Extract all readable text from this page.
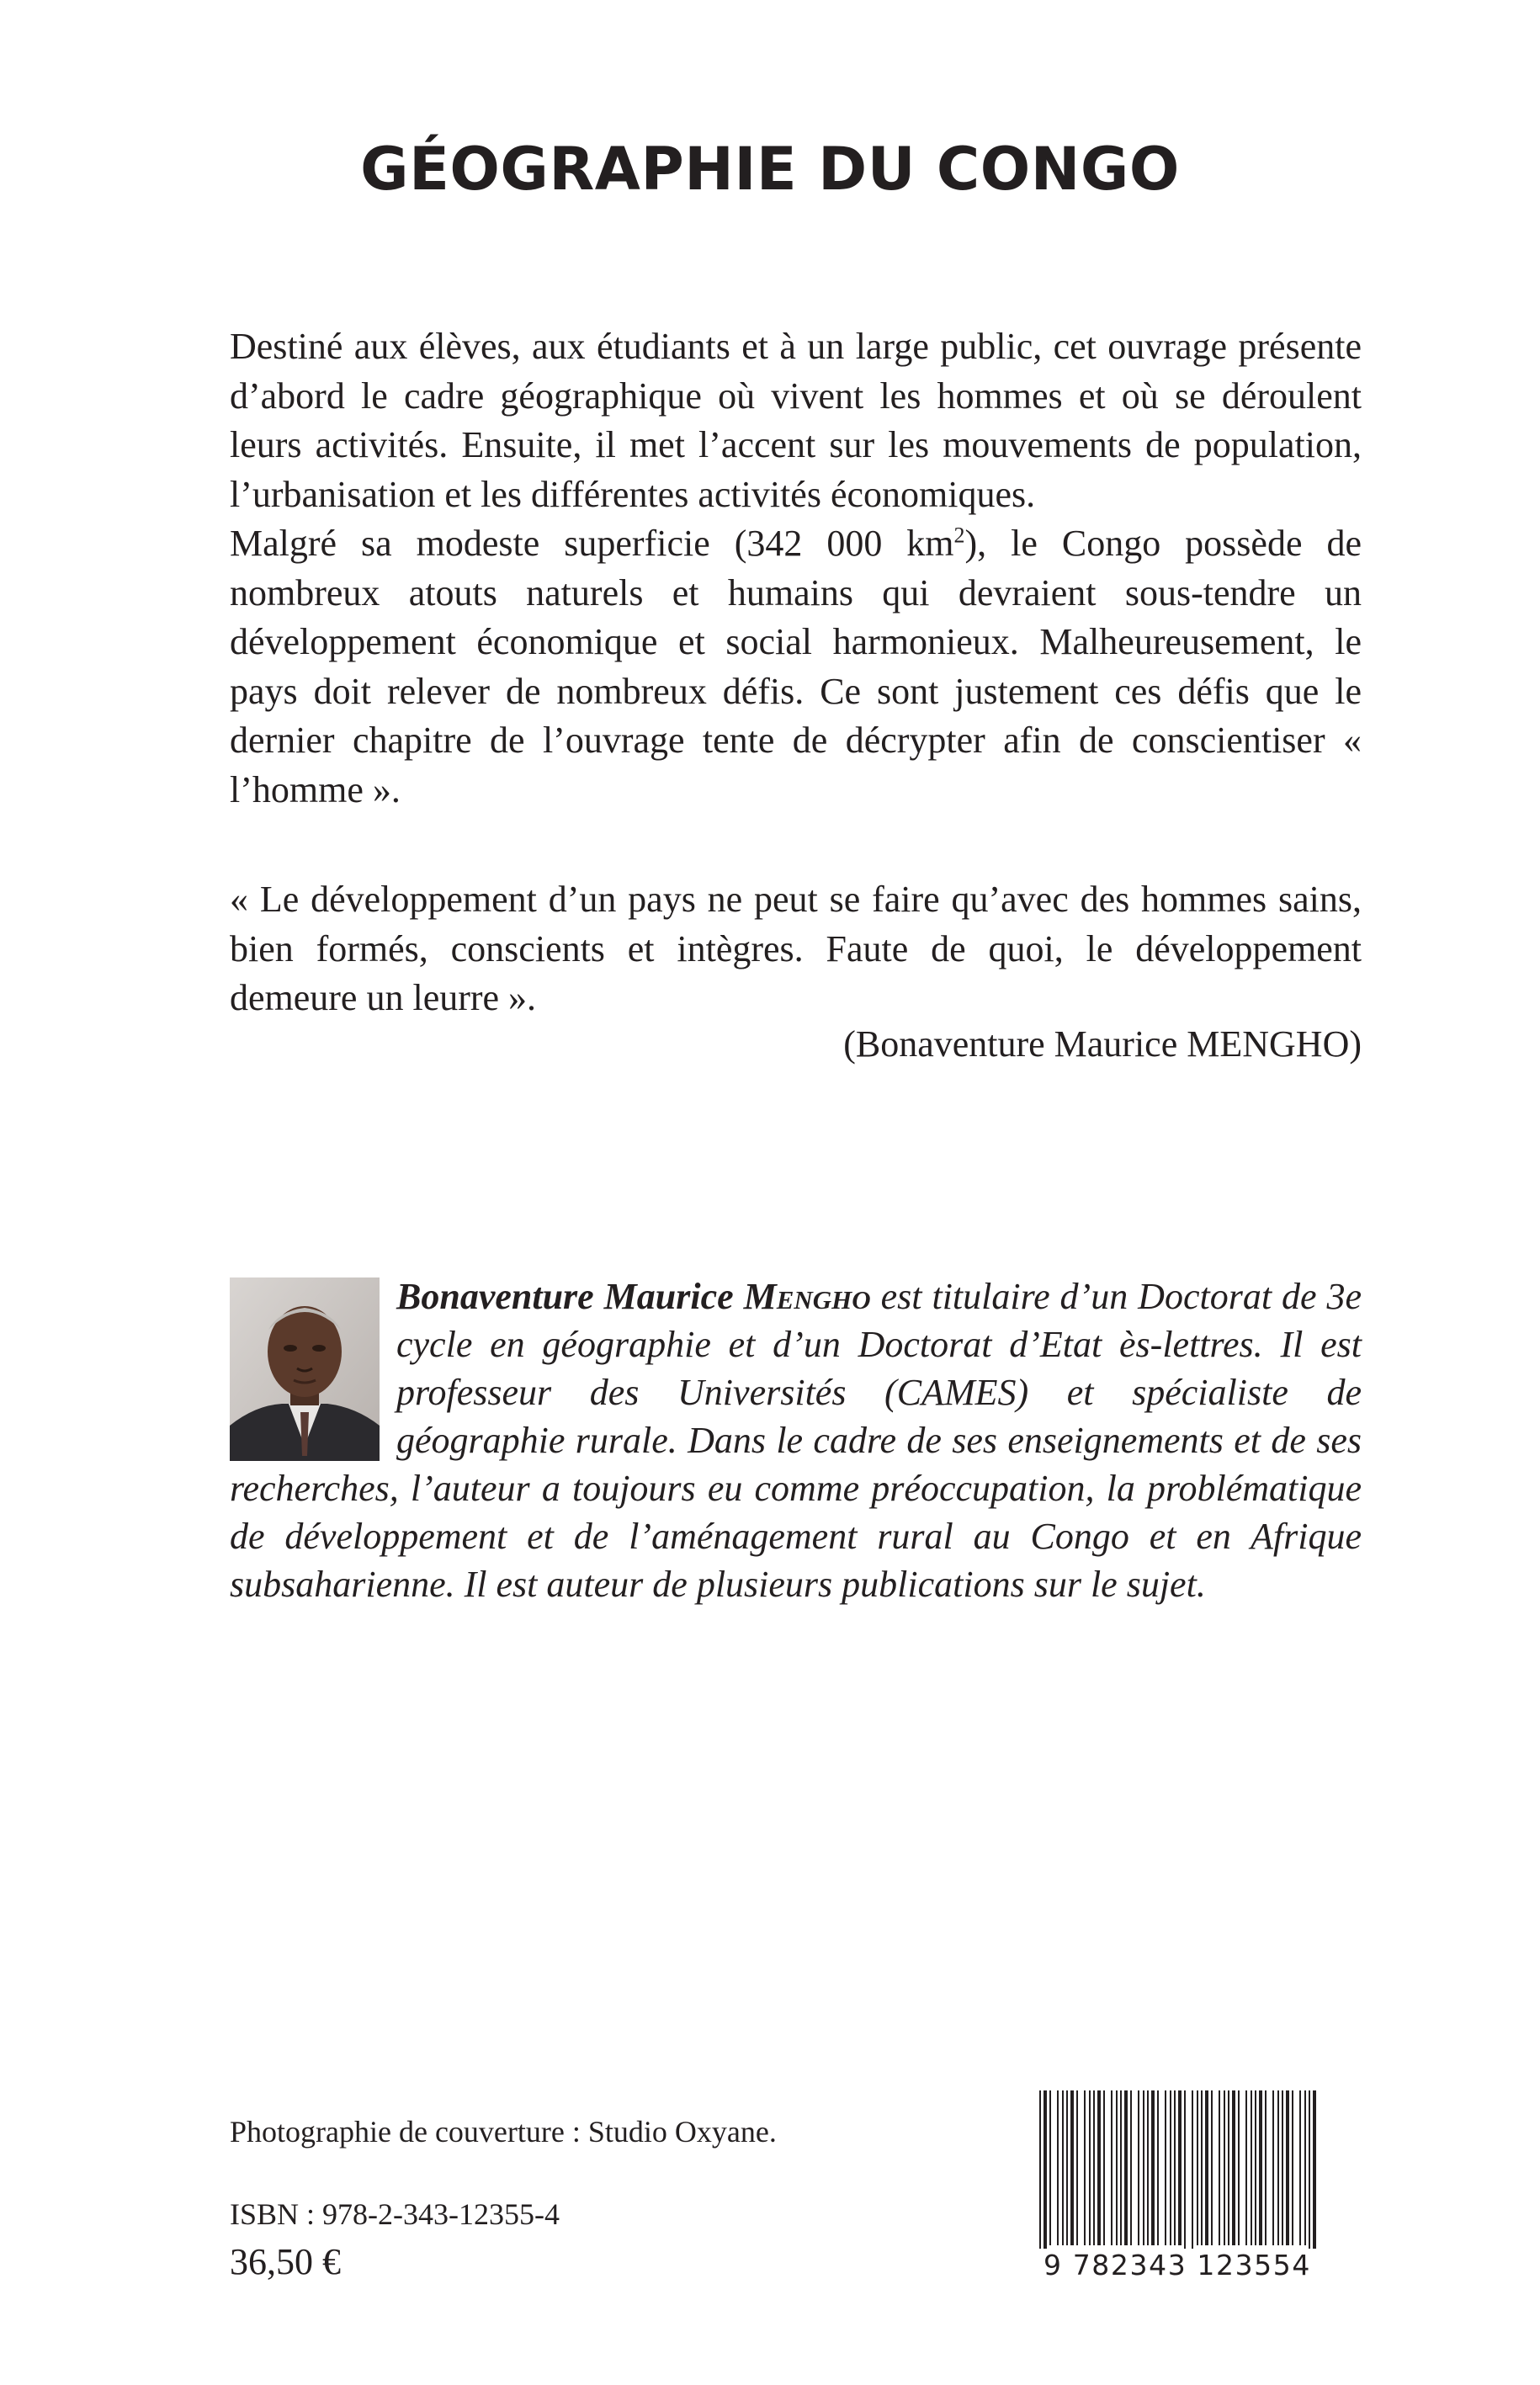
GÉOGRAPHIE DU CONGO

Destiné aux élèves, aux étudiants et à un large public, cet ouvrage présente d’abord le cadre géographique où vivent les hommes et où se déroulent leurs activités. Ensuite, il met l’accent sur les mouvements de population, l’urbanisation et les différentes activités économiques.

Malgré sa modeste superficie (342 000 $km^2$), le Congo possède de nombreux atouts naturels et humains qui devraient sous-tendre un développement économique et social harmonieux. Malheureusement, le pays doit relever de nombreux défis. Ce sont justement ces défis que le dernier chapitre de l’ouvrage tente de décrypter afin de conscientiser « l’homme ».

« Le développement d’un pays ne peut se faire qu’avec des hommes sains, bien formés, conscients et intègres. Faute de quoi, le développement demeure un leurre ».

(Bonaventure Maurice MENGHO)

Bonaventure Maurice Mengho est titulaire d’un Doctorat de 3e cycle en géographie et d’un Doctorat d’Etat ès-lettres. Il est professeur des Universités (CAMES) et spécialiste de géographie rurale. Dans le cadre de ses enseignements et de ses recherches, l’auteur a toujours eu comme préoccupation, la problématique de développement et de l’aménagement rural au Congo et en Afrique subsaharienne. Il est auteur de plusieurs publications sur le sujet.

Photographie de couverture : Studio Oxyane.
ISBN : 978-2-343-12355-4
36,50 €	9 782343 123554
